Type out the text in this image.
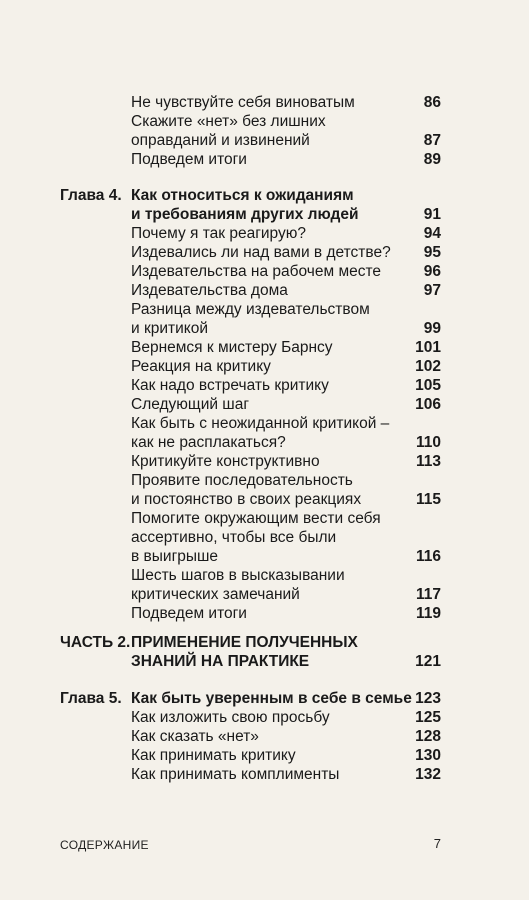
Не чувствуйте себя виноватым	86
Скажите «нет» без лишних
оправданий и извинений	87
Подведем итоги	89
Глава 4. Как относиться к ожиданиям
и требованиям других людей	91
Почему я так реагирую?	94
Издевались ли над вами в детстве? 95
Издевательства на рабочем месте	96
Издевательства дома	97
Разница между издевательством
и критикой	99
Вернемся к мистеру Барнсу	101
Реакция на критику	102
Как надо встречать критику	105
Следующий шаг	106
Как быть с неожиданной критикой –
как не расплакаться?	110
Критикуйте конструктивно	113
Проявите последовательность
и постоянство в своих реакциях	115
Помогите окружающим вести себя
ассертивно, чтобы все были
в выигрыше	116
Шесть шагов в высказывании
критических замечаний	117
Подведем итоги	119
ЧАСТЬ 2. ПРИМЕНЕНИЕ ПОЛУЧЕННЫХ
ЗНАНИЙ НА ПРАКТИКЕ	121
Глава 5. Как быть уверенным в себе в семье 123
Как изложить свою просьбу	125
Как сказать «нет»	128
Как принимать критику	130
Как принимать комплименты	132
СОДЕРЖАНИЕ	7
